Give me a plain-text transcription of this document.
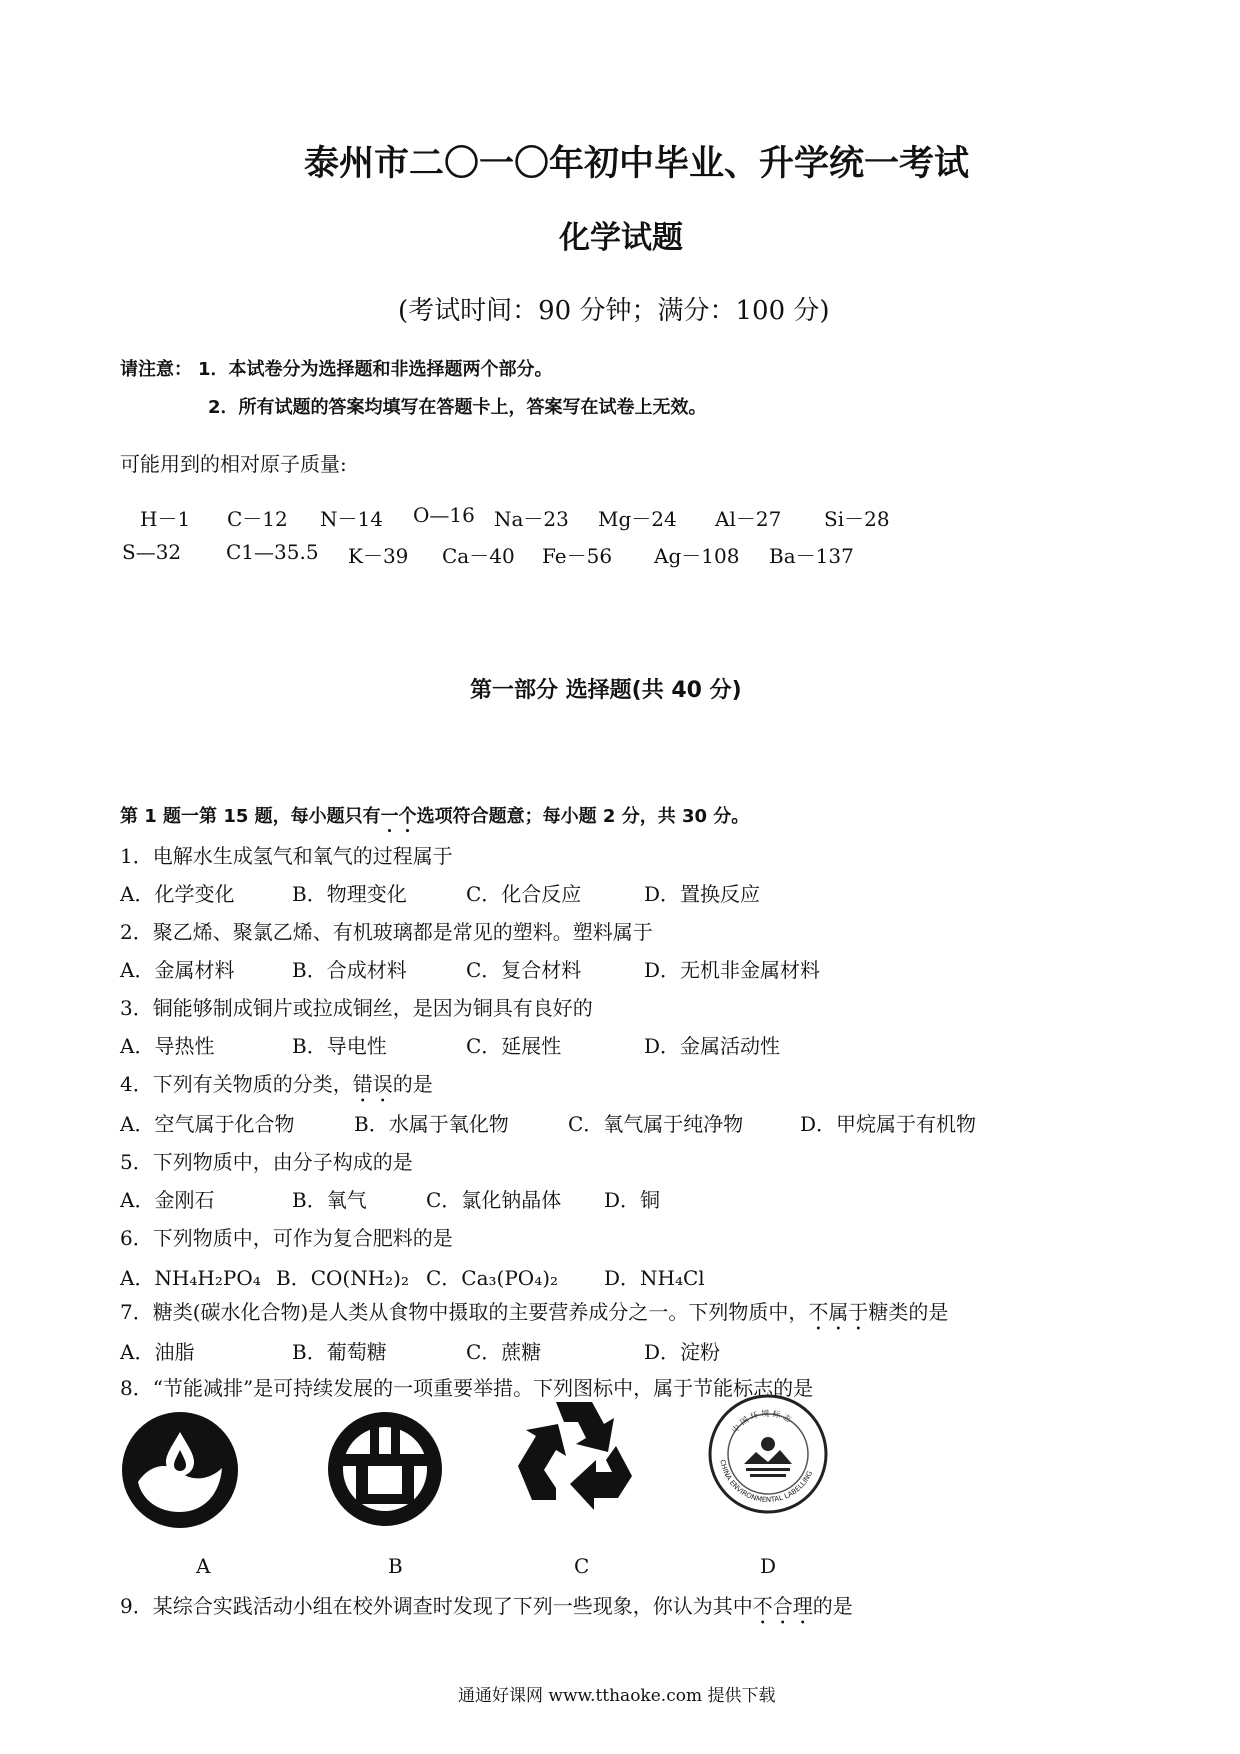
泰州市二〇一〇年初中毕业、升学统一考试
化学试题
(考试时间：90 分钟；满分：100 分)
请注意： 1．本试卷分为选择题和非选择题两个部分。
2．所有试题的答案均填写在答题卡上，答案写在试卷上无效。
可能用到的相对原子质量:
H－1 C－12 N－14 O—16 Na－23 Mg－24 Al－27 Si－28
S—32 C1—35.5 K－39 Ca－40 Fe－56 Ag－108 Ba－137
第一部分 选择题(共 40 分)
第 1 题一第 15 题，每小题只有一个选项符合题意；每小题 2 分，共 30 分。
1．电解水生成氢气和氧气的过程属于
A．化学变化	B．物理变化	C．化合反应	D．置换反应
2．聚乙烯、聚氯乙烯、有机玻璃都是常见的塑料。塑料属于
A．金属材料	B．合成材料	C．复合材料	D．无机非金属材料
3．铜能够制成铜片或拉成铜丝，是因为铜具有良好的
A．导热性	B．导电性	C．延展性	D．金属活动性
4．下列有关物质的分类，错误的是
A．空气属于化合物	B．水属于氧化物	C．氧气属于纯净物	D．甲烷属于有机物
5．下列物质中，由分子构成的是
A．金刚石	B．氧气	C．氯化钠晶体 D．铜
6．下列物质中，可作为复合肥料的是
A．NH₄H₂PO₄ B．CO(NH₂)₂ C．Ca₃(PO₄)₂ D．NH₄Cl
7．糖类(碳水化合物)是人类从食物中摄取的主要营养成分之一。下列物质中，不属于糖类的是
A．油脂	B．葡萄糖	C．蔗糖	D．淀粉
8．“节能减排”是可持续发展的一项重要举措。下列图标中，属于节能标志的是
A	B	C
中 国 环 境 标 志
CHINA ENVIRONMENTAL LABELLING
D
9．某综合实践活动小组在校外调查时发现了下列一些现象，你认为其中不合理的是
通通好课网 www.tthaoke.com 提供下载
